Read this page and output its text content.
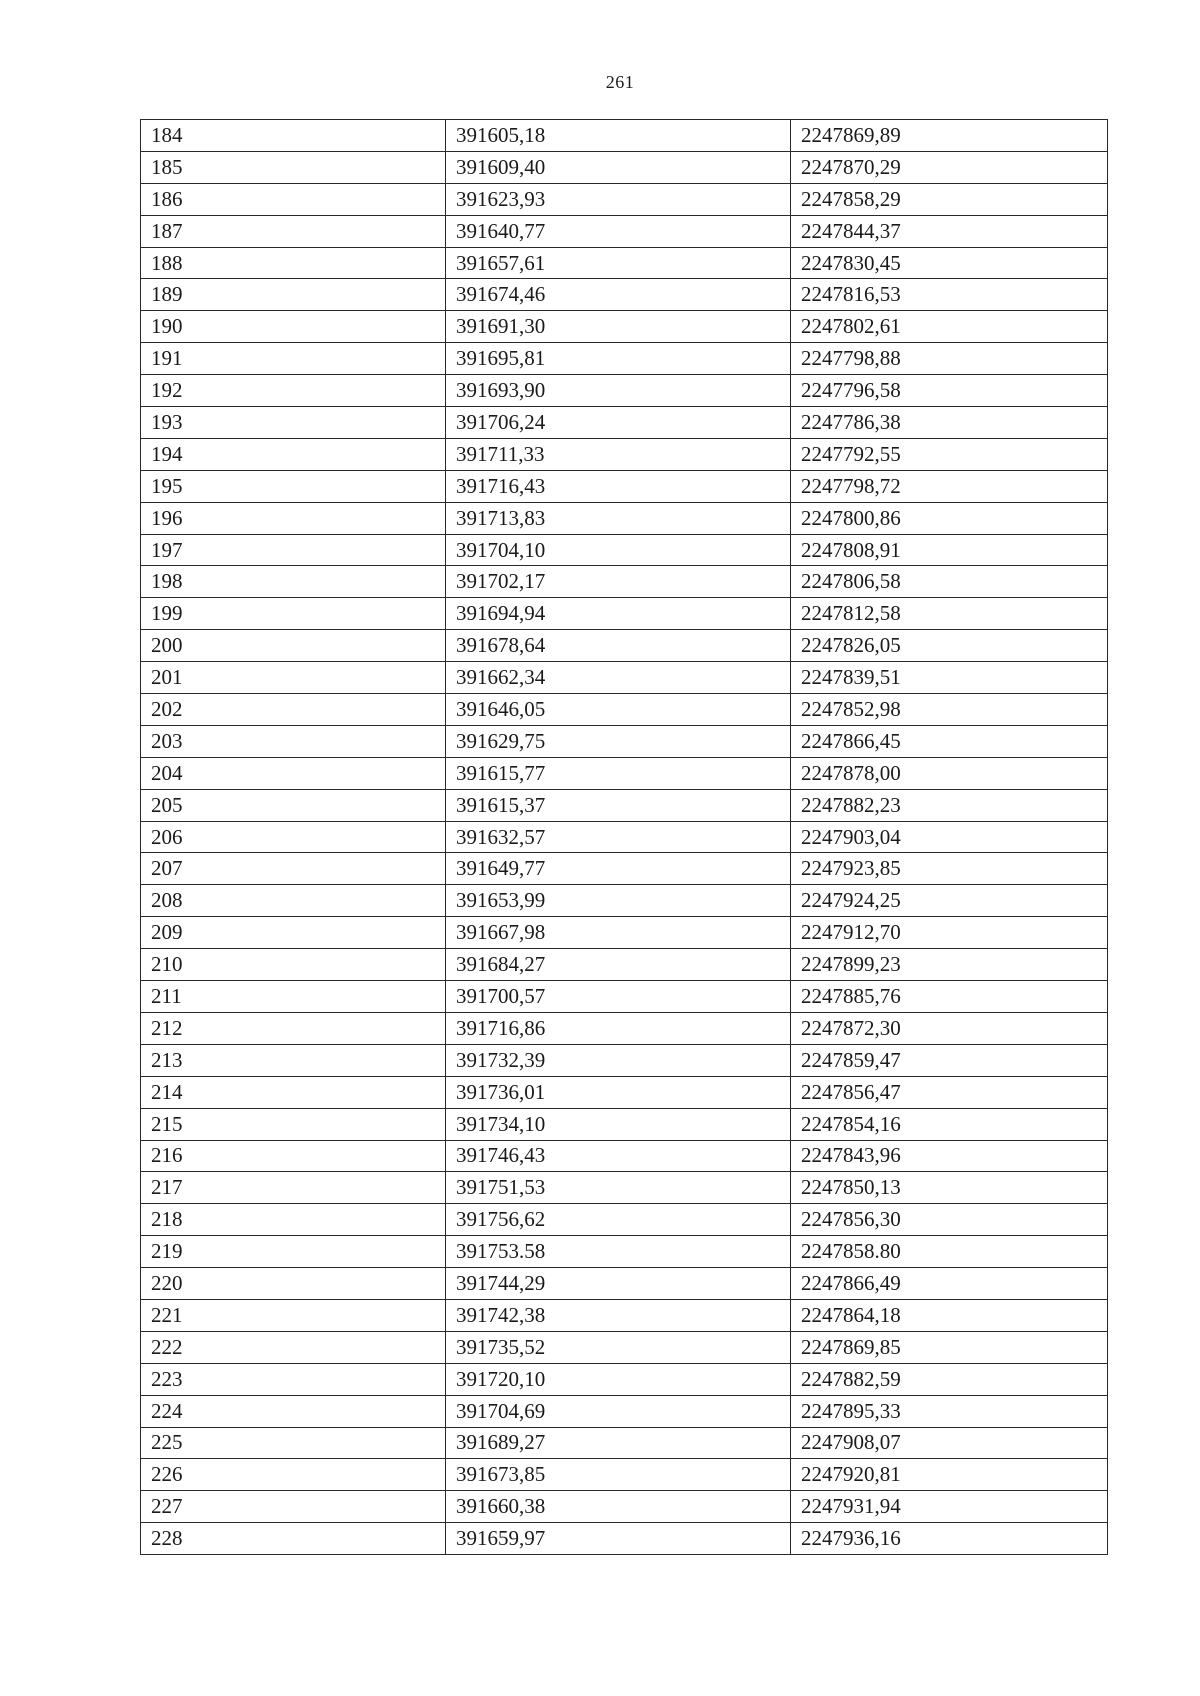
261
184	391605,18	2247869,89
185	391609,40	2247870,29
186	391623,93	2247858,29
187	391640,77	2247844,37
188	391657,61	2247830,45
189	391674,46	2247816,53
190	391691,30	2247802,61
191	391695,81	2247798,88
192	391693,90	2247796,58
193	391706,24	2247786,38
194	391711,33	2247792,55
195	391716,43	2247798,72
196	391713,83	2247800,86
197	391704,10	2247808,91
198	391702,17	2247806,58
199	391694,94	2247812,58
200	391678,64	2247826,05
201	391662,34	2247839,51
202	391646,05	2247852,98
203	391629,75	2247866,45
204	391615,77	2247878,00
205	391615,37	2247882,23
206	391632,57	2247903,04
207	391649,77	2247923,85
208	391653,99	2247924,25
209	391667,98	2247912,70
210	391684,27	2247899,23
211	391700,57	2247885,76
212	391716,86	2247872,30
213	391732,39	2247859,47
214	391736,01	2247856,47
215	391734,10	2247854,16
216	391746,43	2247843,96
217	391751,53	2247850,13
218	391756,62	2247856,30
219	391753.58	2247858.80
220	391744,29	2247866,49
221	391742,38	2247864,18
222	391735,52	2247869,85
223	391720,10	2247882,59
224	391704,69	2247895,33
225	391689,27	2247908,07
226	391673,85	2247920,81
227	391660,38	2247931,94
228	391659,97	2247936,16
